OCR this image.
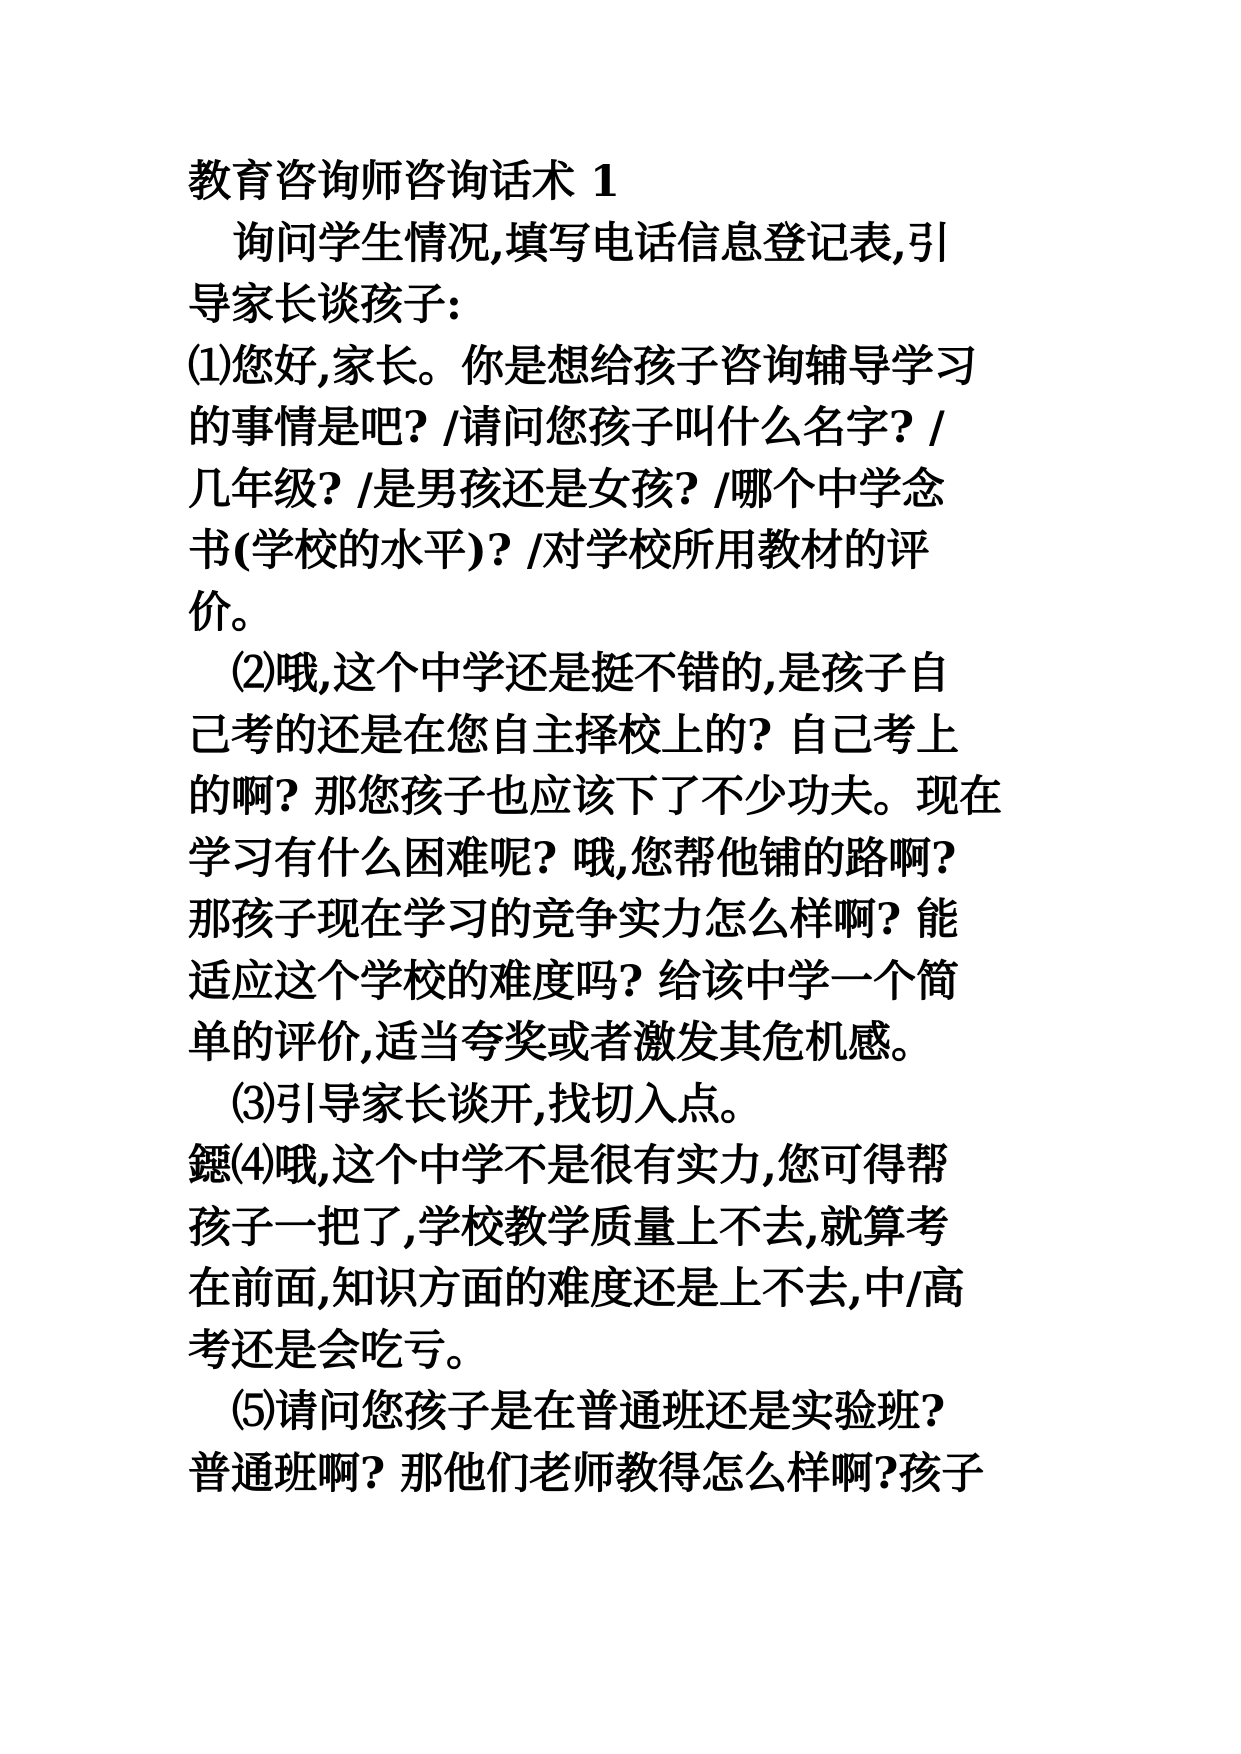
教育咨询师咨询话术 1
询问学生情况,填写电话信息登记表,引
导家长谈孩子:
⑴您好,家长。你是想给孩子咨询辅导学习
的事情是吧? /请问您孩子叫什么名字? /
几年级? /是男孩还是女孩? /哪个中学念
书(学校的水平)? /对学校所用教材的评
价。
⑵哦,这个中学还是挺不错的,是孩子自
己考的还是在您自主择校上的? 自己考上
的啊? 那您孩子也应该下了不少功夫。现在
学习有什么困难呢? 哦,您帮他铺的路啊?
那孩子现在学习的竞争实力怎么样啊? 能
适应这个学校的难度吗? 给该中学一个简
单的评价,适当夸奖或者激发其危机感。
⑶引导家长谈开,找切入点。
鐚⑷哦,这个中学不是很有实力,您可得帮
孩子一把了,学校教学质量上不去,就算考
在前面,知识方面的难度还是上不去,中/高
考还是会吃亏。
⑸请问您孩子是在普通班还是实验班?
普通班啊? 那他们老师教得怎么样啊?孩子
